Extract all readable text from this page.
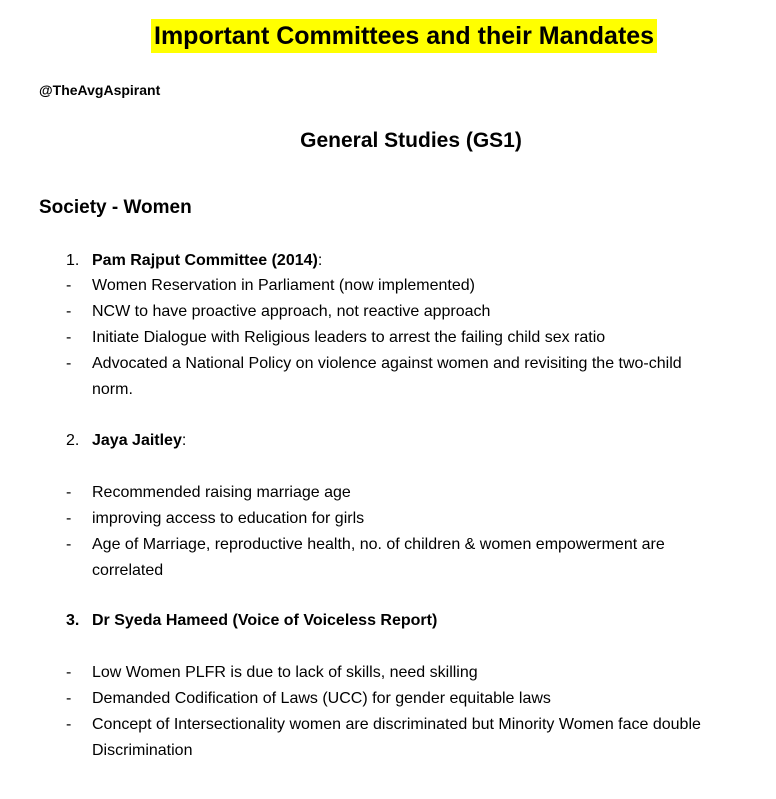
Important Committees and their Mandates
@TheAvgAspirant
General Studies (GS1)
Society - Women
1. Pam Rajput Committee (2014):
- Women Reservation in Parliament (now implemented)
- NCW to have proactive approach, not reactive approach
- Initiate Dialogue with Religious leaders to arrest the failing child sex ratio
- Advocated a National Policy on violence against women and revisiting the two-child
norm.
2. Jaya Jaitley:
- Recommended raising marriage age
- improving access to education for girls
- Age of Marriage, reproductive health, no. of children & women empowerment are
correlated
3. Dr Syeda Hameed (Voice of Voiceless Report)
- Low Women PLFR is due to lack of skills, need skilling
- Demanded Codification of Laws (UCC) for gender equitable laws
- Concept of Intersectionality women are discriminated but Minority Women face double
Discrimination
